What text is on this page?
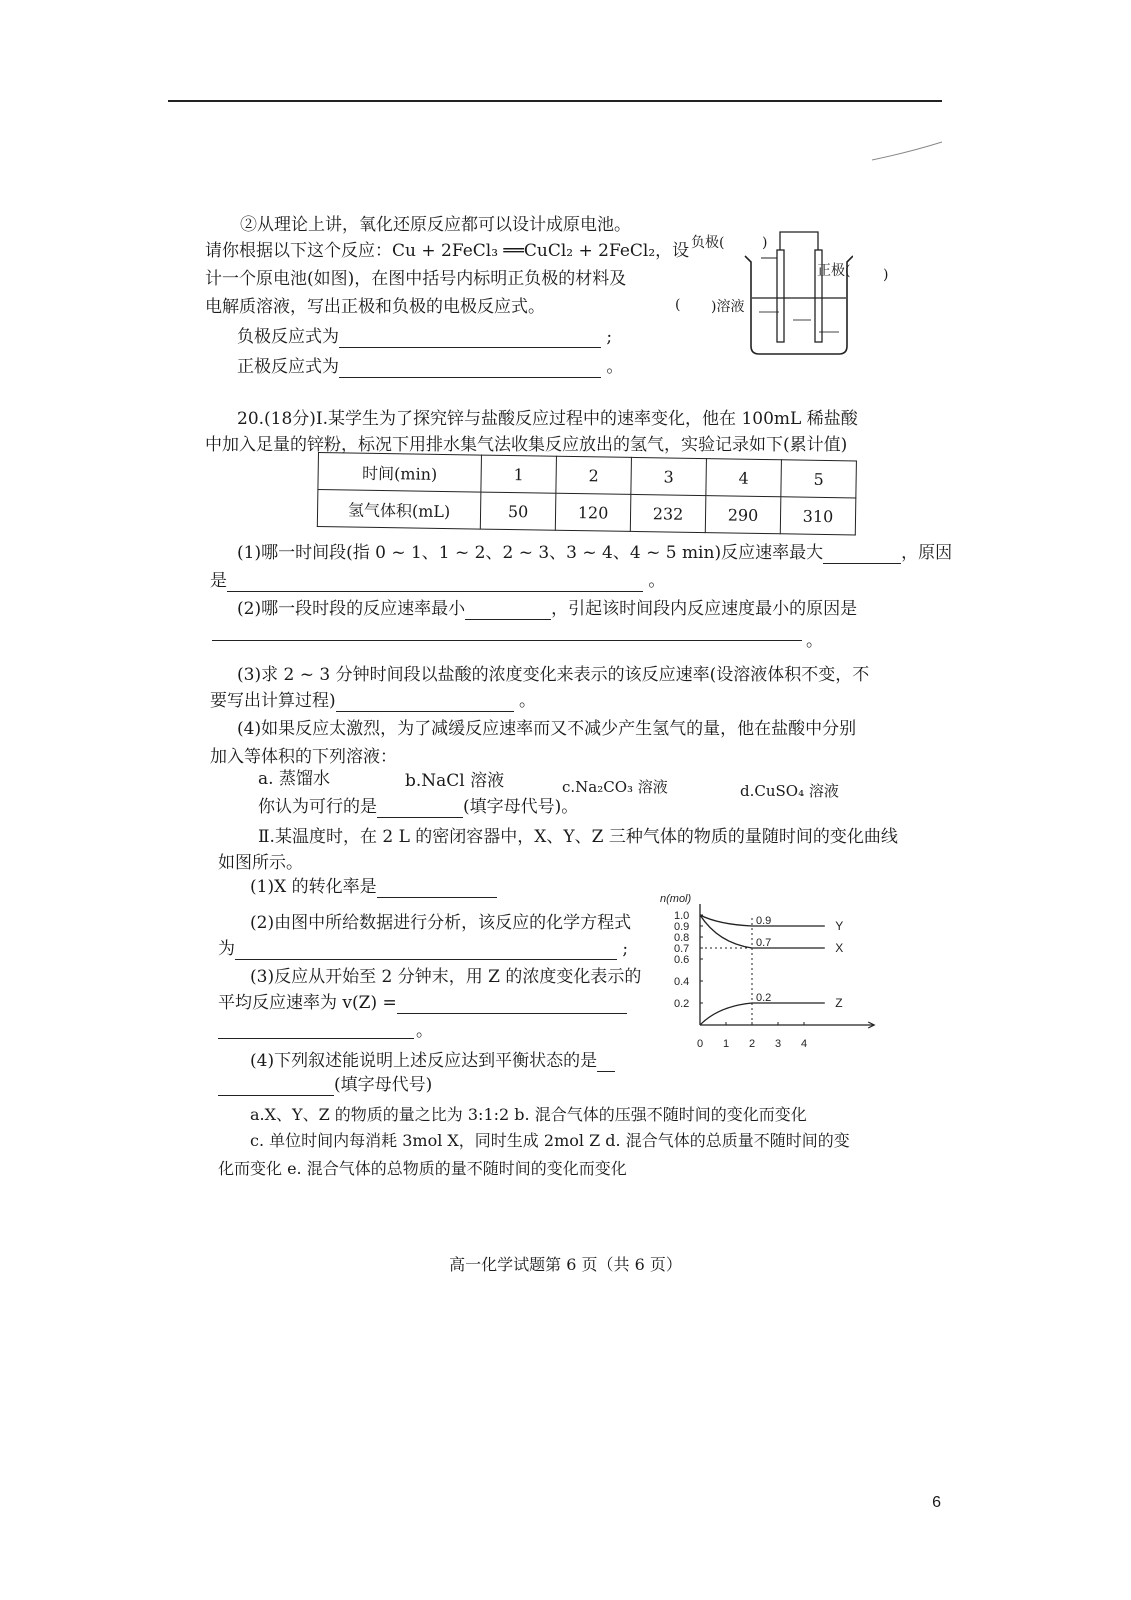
②从理论上讲，氧化还原反应都可以设计成原电池。
请你根据以下这个反应：Cu + 2FeCl₃ ══CuCl₂ + 2FeCl₂，设
计一个原电池(如图)，在图中括号内标明正负极的材料及
电解质溶液，写出正极和负极的电极反应式。
负极反应式为	;
正极反应式为	。
负极(	)
正极( )
( )溶液
20.(18分)Ⅰ.某学生为了探究锌与盐酸反应过程中的速率变化，他在 100mL 稀盐酸
中加入足量的锌粉，标况下用排水集气法收集反应放出的氢气，实验记录如下(累计值)
时间(min)	1	2	3	4	5
氢气体积(mL)	50	120	232	290	310
(1)哪一时间段(指 0 ~ 1、1 ~ 2、2 ~ 3、3 ~ 4、4 ~ 5 min)反应速率最大	，原因
是	。
(2)哪一段时段的反应速率最小	，引起该时间段内反应速度最小的原因是
。
(3)求 2 ~ 3 分钟时间段以盐酸的浓度变化来表示的该反应速率(设溶液体积不变，不
要写出计算过程)	。
(4)如果反应太激烈，为了减缓反应速率而又不减少产生氢气的量，他在盐酸中分别
加入等体积的下列溶液：
a. 蒸馏水	b.NaCl 溶液	c.Na₂CO₃ 溶液	d.CuSO₄ 溶液
你认为可行的是	(填字母代号)。
Ⅱ.某温度时，在 2 L 的密闭容器中，X、Y、Z 三种气体的物质的量随时间的变化曲线
如图所示。
(1)X 的转化率是
(2)由图中所给数据进行分析，该反应的化学方程式
为	;
(3)反应从开始至 2 分钟末，用 Z 的浓度变化表示的
平均反应速率为 v(Z) =
。
(4)下列叙述能说明上述反应达到平衡状态的是
(填字母代号)
a.X、Y、Z 的物质的量之比为 3:1:2 b. 混合气体的压强不随时间的变化而变化
c. 单位时间内每消耗 3mol X，同时生成 2mol Z d. 混合气体的总质量不随时间的变
化而变化 e. 混合气体的总物质的量不随时间的变化而变化
n(mol)
0 1 2 3 4
1.0
0.9
0.8
0.7
0.6
0.4
0.2
0.9	Y
0.7	X
0.2	Z
高一化学试题第 6 页（共 6 页）
6
